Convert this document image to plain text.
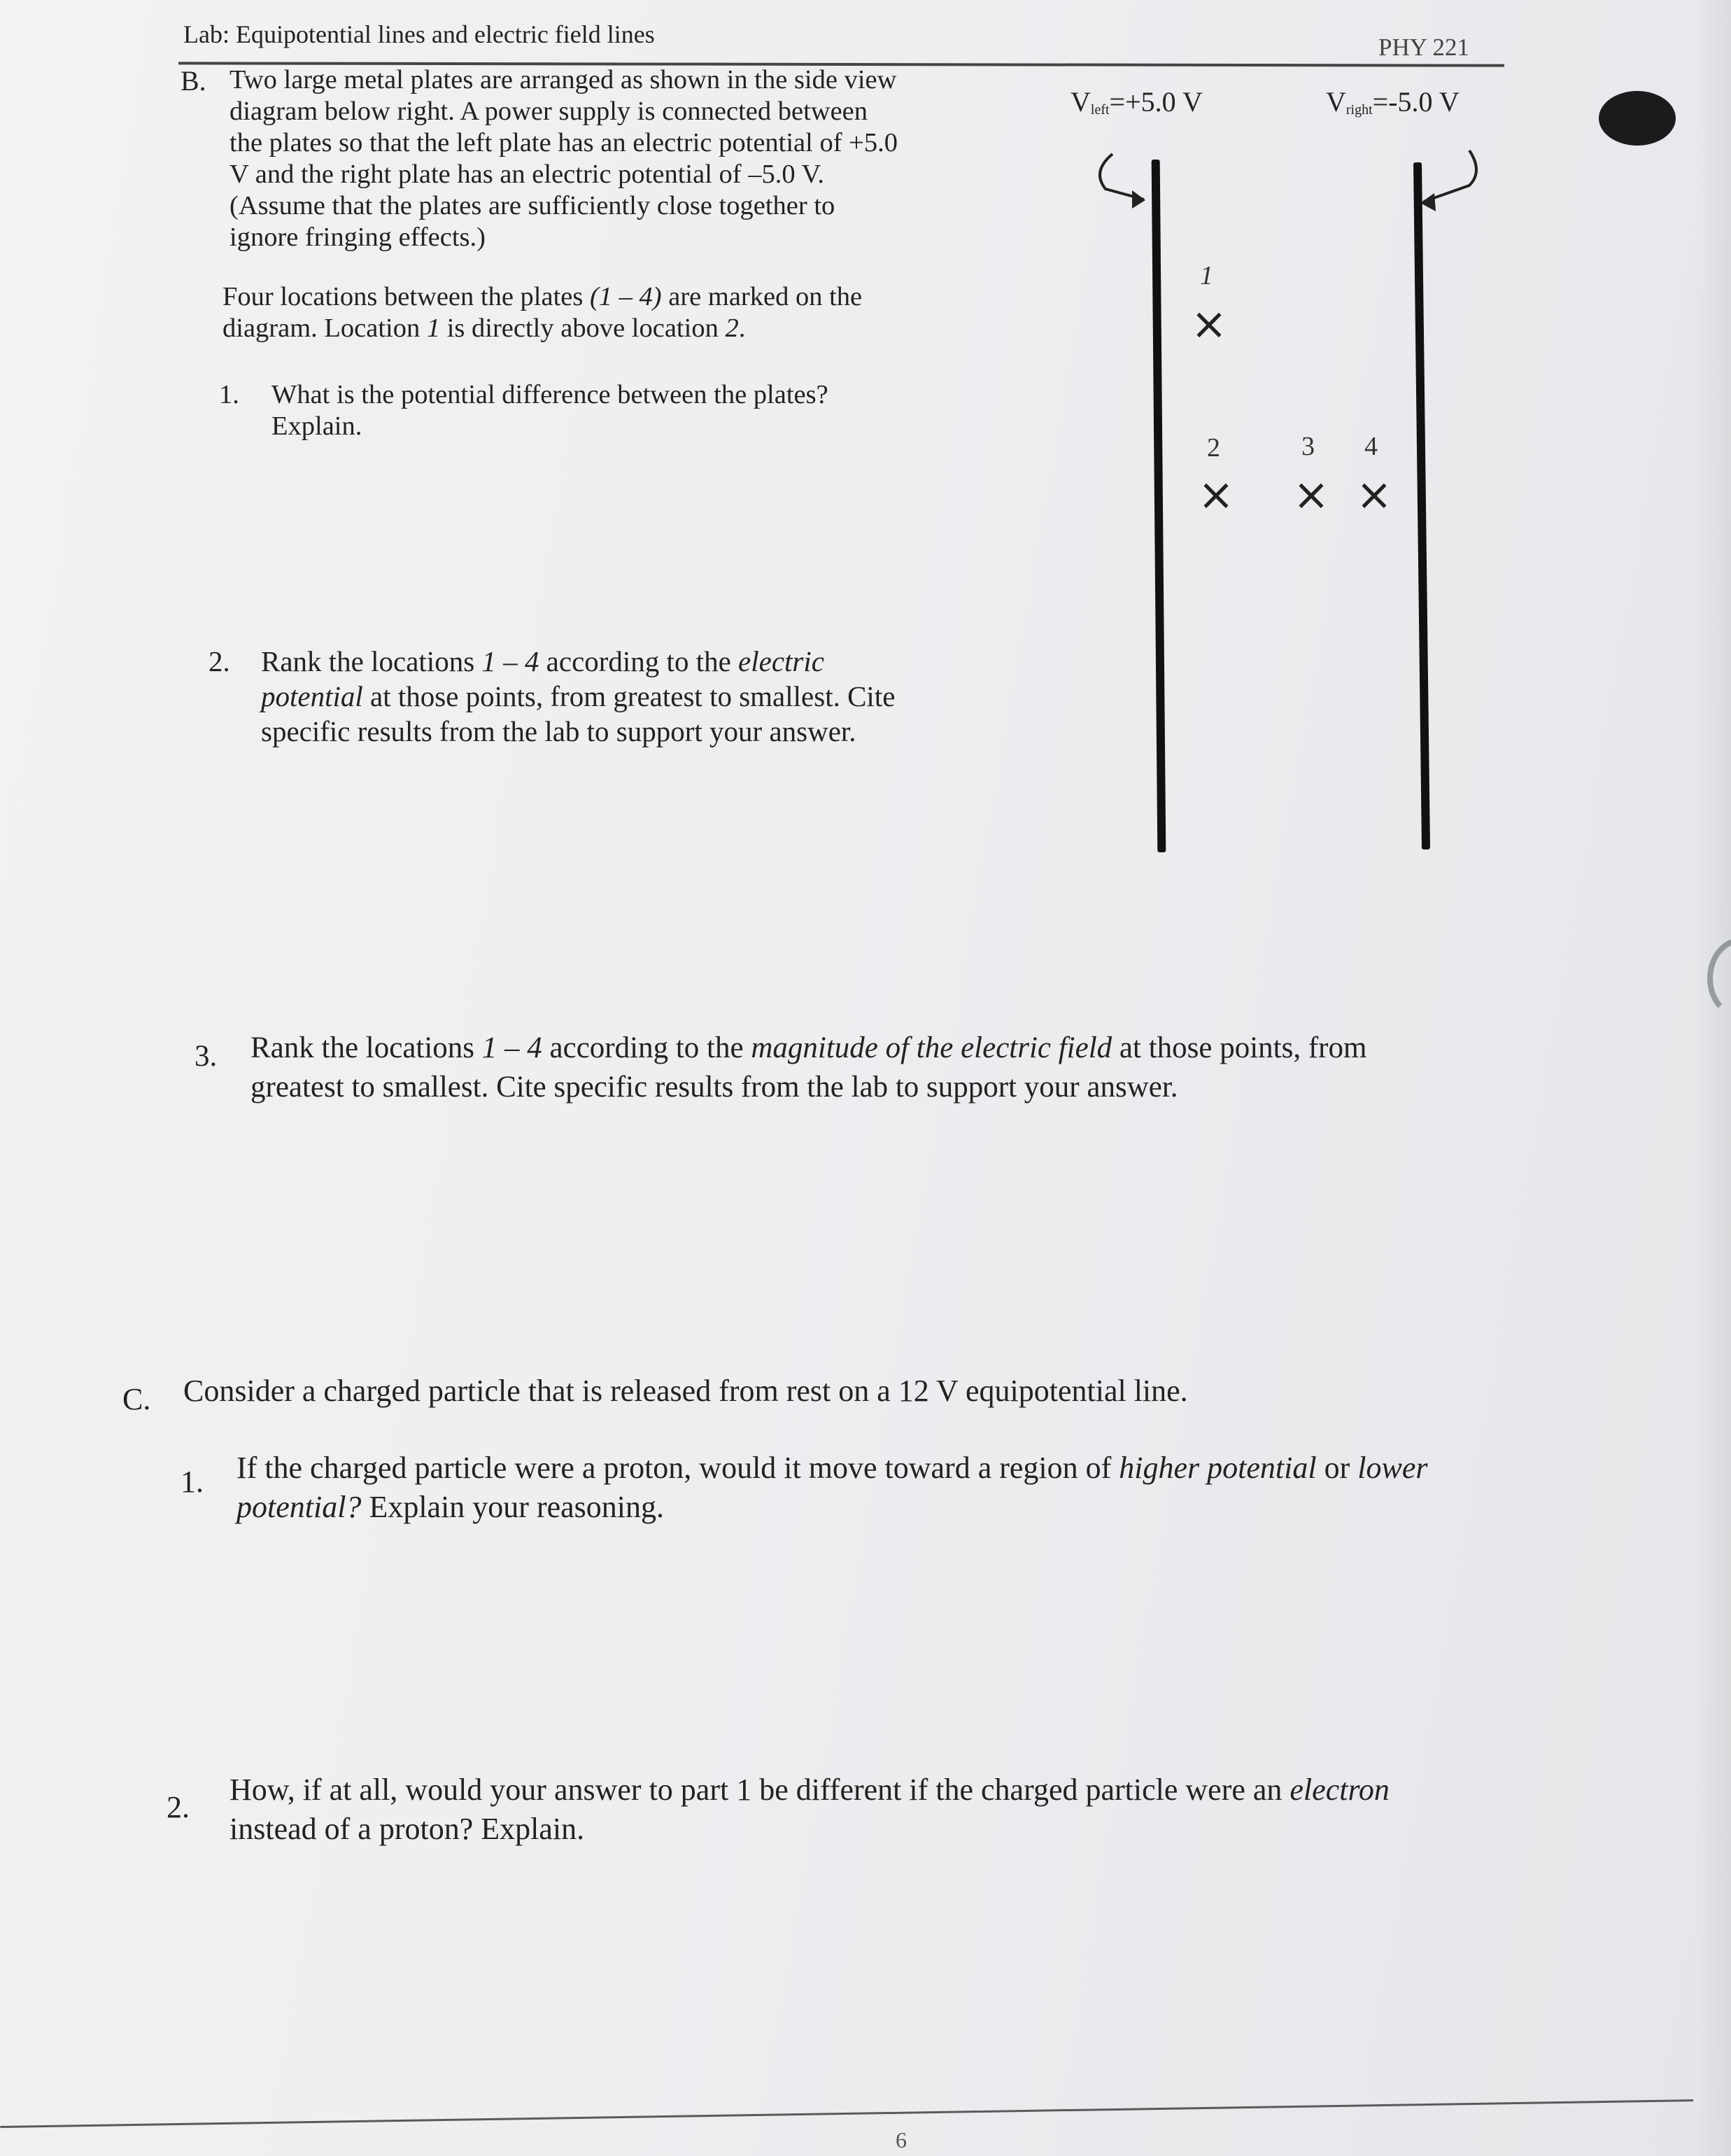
Lab: Equipotential lines and electric field lines	PHY 221
B. Two large metal plates are arranged as shown in the side view
diagram below right. A power supply is connected between
the plates so that the left plate has an electric potential of +5.0
V and the right plate has an electric potential of –5.0 V.
(Assume that the plates are sufficiently close together to
ignore fringing effects.)
Four locations between the plates (1 – 4) are marked on the
diagram. Location 1 is directly above location 2.
1. What is the potential difference between the plates?
Explain.
2. Rank the locations 1 – 4 according to the electric
potential at those points, from greatest to smallest. Cite
specific results from the lab to support your answer.
$V_{left}=+5.0$ V	$V_{right}=-5.0$ V
1
×
2
×
3
×
4
×
3. Rank the locations 1 – 4 according to the magnitude of the electric field at those points, from
greatest to smallest. Cite specific results from the lab to support your answer.
C. Consider a charged particle that is released from rest on a 12 V equipotential line.
1. If the charged particle were a proton, would it move toward a region of higher potential or lower
potential? Explain your reasoning.
2.
How, if at all, would your answer to part 1 be different if the charged particle were an electron
instead of a proton? Explain.
6
